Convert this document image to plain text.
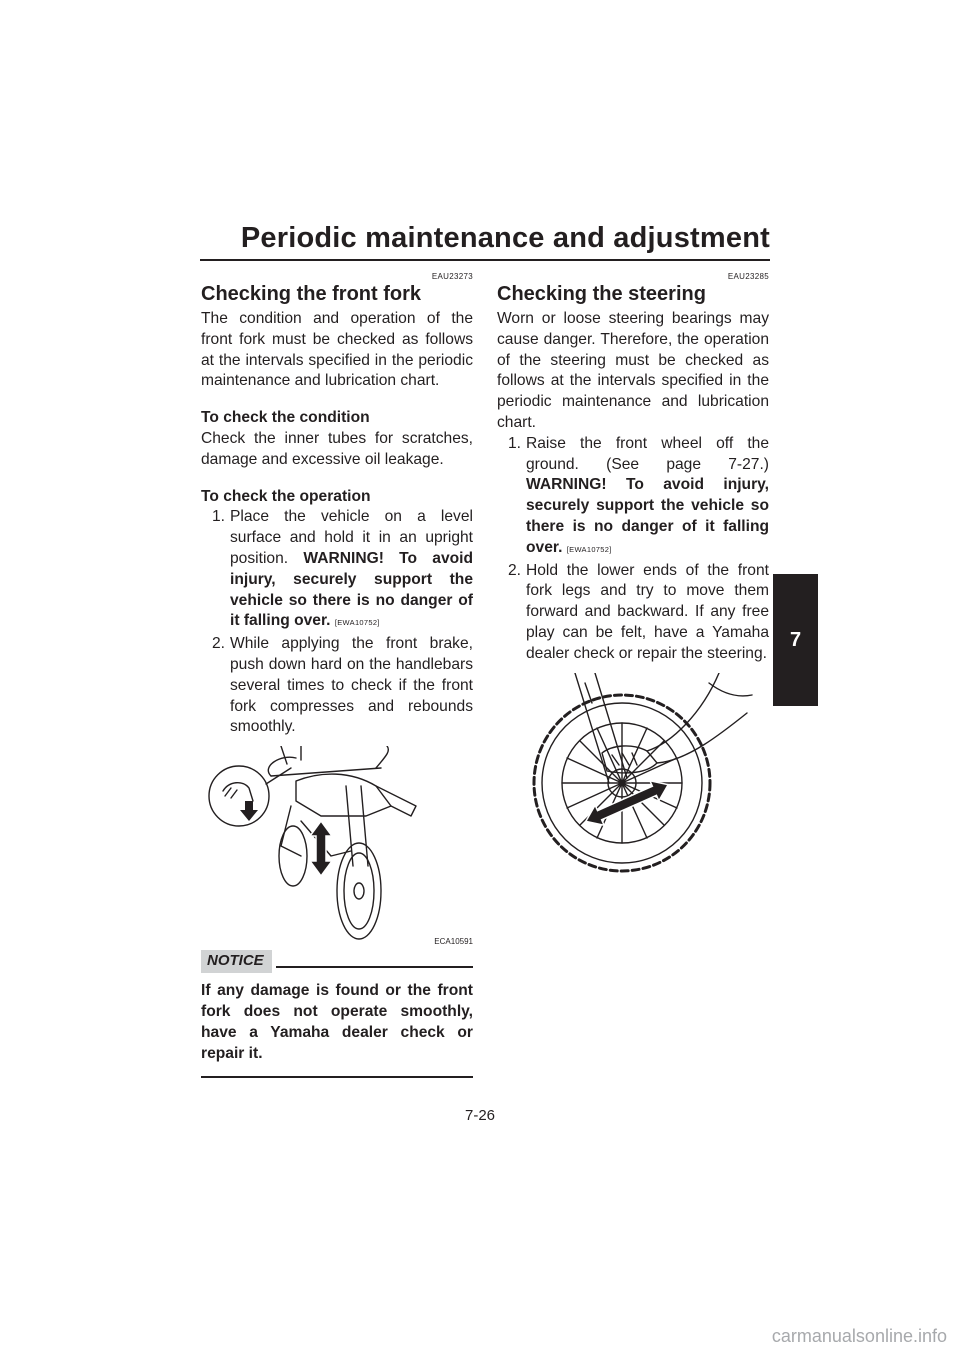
Periodic maintenance and adjustment
7
EAU23273
Checking the front fork

The condition and operation of the front fork must be checked as follows at the intervals specified in the periodic maintenance and lubrication chart.

To check the condition

Check the inner tubes for scratches, damage and excessive oil leakage.

To check the operation
1. Place the vehicle on a level surface and hold it in an upright position. WARNING! To avoid injury, securely support the vehicle so there is no danger of it falling over. [EWA10752]
2. While applying the front brake, push down hard on the handlebars several times to check if the front fork compresses and rebounds smoothly.
ECA10591
NOTICE
If any damage is found or the front fork does not operate smoothly, have a Yamaha dealer check or repair it.
EAU23285
Checking the steering

Worn or loose steering bearings may cause danger. Therefore, the operation of the steering must be checked as follows at the intervals specified in the periodic maintenance and lubrication chart.

1. Raise the front wheel off the ground. (See page 7-27.) WARNING! To avoid injury, securely support the vehicle so there is no danger of it falling over. [EWA10752]
2. Hold the lower ends of the front fork legs and try to move them forward and backward. If any free play can be felt, have a Yamaha dealer check or repair the steering.
7-26
carmanualsonline.info
